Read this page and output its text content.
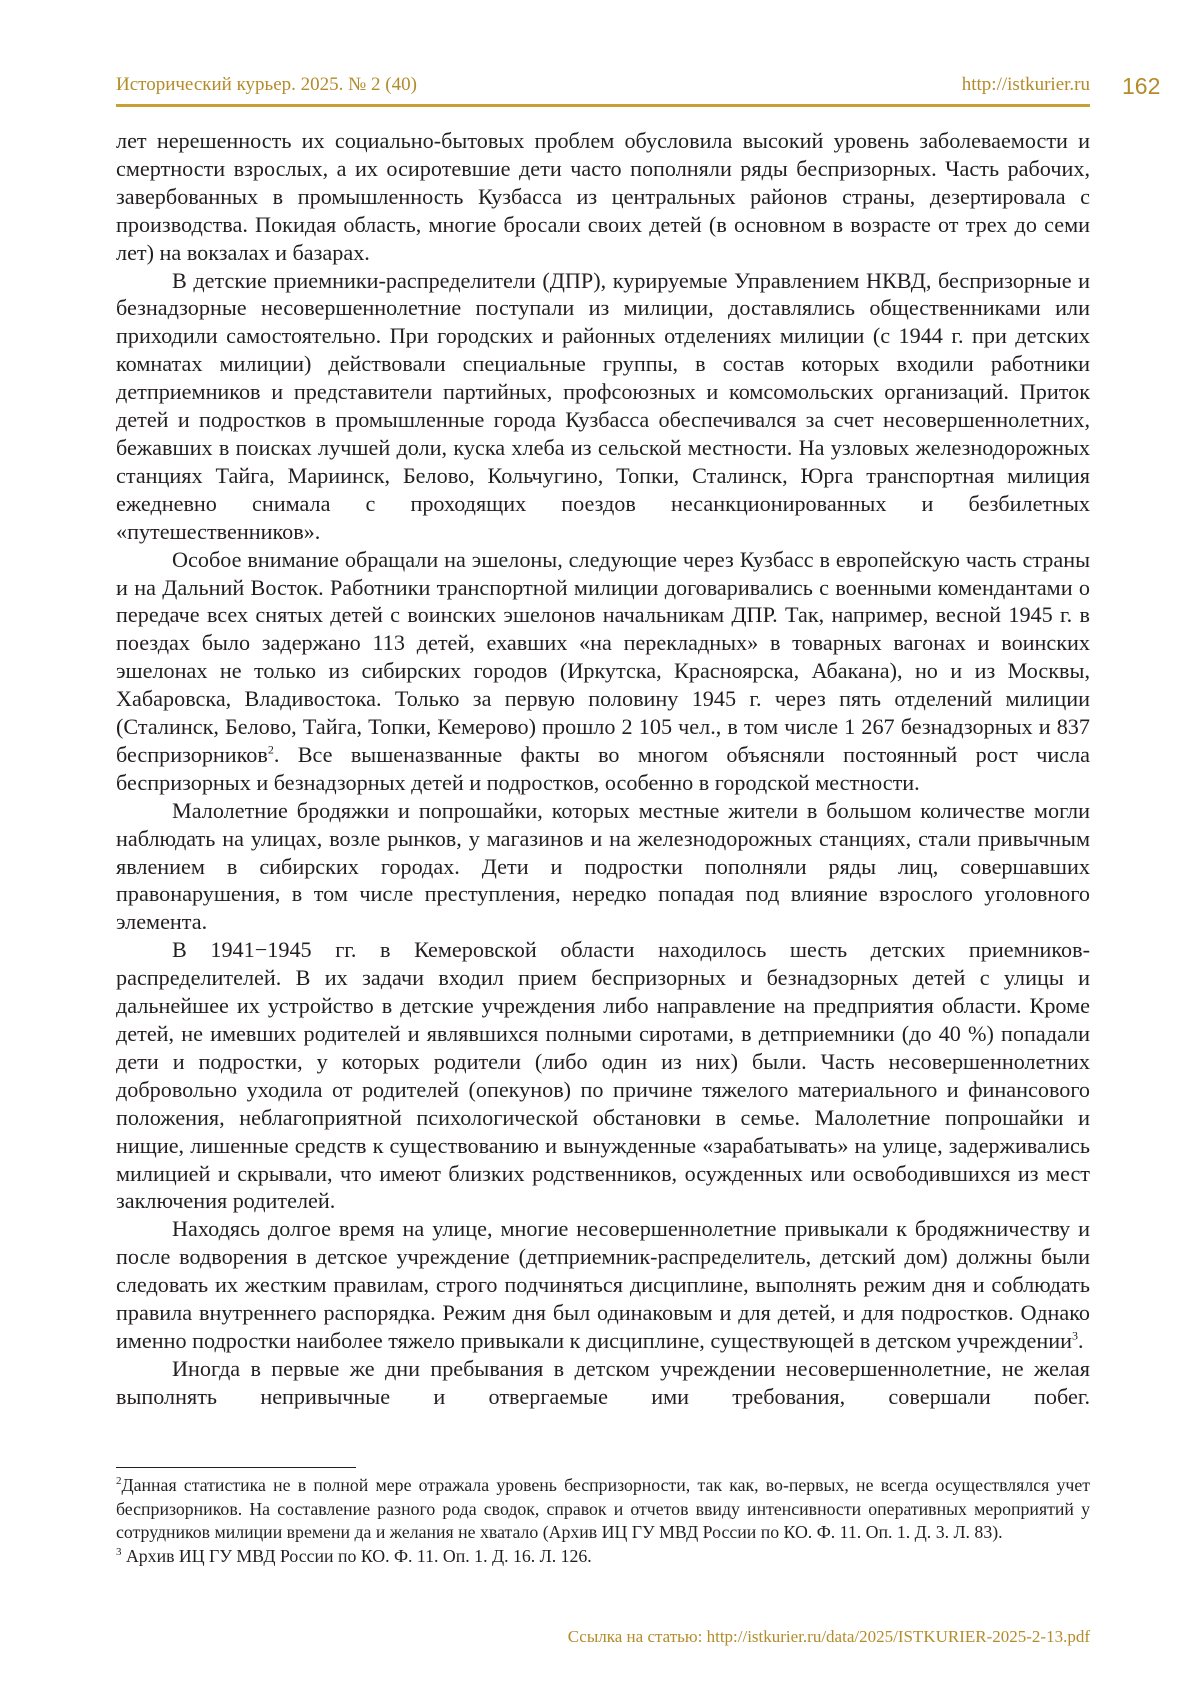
Исторический курьер. 2025. № 2 (40)	http://istkurier.ru 162

лет нерешенность их социально-бытовых проблем обусловила высокий уровень заболеваемости и смертности взрослых, а их осиротевшие дети часто пополняли ряды беспризорных. Часть рабочих, завербованных в промышленность Кузбасса из центральных районов страны, дезертировала с производства. Покидая область, многие бросали своих детей (в основном в возрасте от трех до семи лет) на вокзалах и базарах.

В детские приемники-распределители (ДПР), курируемые Управлением НКВД, беспризорные и безнадзорные несовершеннолетние поступали из милиции, доставлялись общественниками или приходили самостоятельно. При городских и районных отделениях милиции (с 1944 г. при детских комнатах милиции) действовали специальные группы, в состав которых входили работники детприемников и представители партийных, профсоюзных и комсомольских организаций. Приток детей и подростков в промышленные города Кузбасса обеспечивался за счет несовершеннолетних, бежавших в поисках лучшей доли, куска хлеба из сельской местности. На узловых железнодорожных станциях Тайга, Мариинск, Белово, Кольчугино, Топки, Сталинск, Юрга транспортная милиция ежедневно снимала с проходящих поездов несанкционированных и безбилетных «путешественников».

Особое внимание обращали на эшелоны, следующие через Кузбасс в европейскую часть страны и на Дальний Восток. Работники транспортной милиции договаривались с военными комендантами о передаче всех снятых детей с воинских эшелонов начальникам ДПР. Так, например, весной 1945 г. в поездах было задержано 113 детей, ехавших «на перекладных» в товарных вагонах и воинских эшелонах не только из сибирских городов (Иркутска, Красноярска, Абакана), но и из Москвы, Хабаровска, Владивостока. Только за первую половину 1945 г. через пять отделений милиции (Сталинск, Белово, Тайга, Топки, Кемерово) прошло 2 105 чел., в том числе 1 267 безнадзорных и 837 беспризорников$^2$. Все вышеназванные факты во многом объясняли постоянный рост числа беспризорных и безнадзорных детей и подростков, особенно в городской местности.

Малолетние бродяжки и попрошайки, которых местные жители в большом количестве могли наблюдать на улицах, возле рынков, у магазинов и на железнодорожных станциях, стали привычным явлением в сибирских городах. Дети и подростки пополняли ряды лиц, совершавших правонарушения, в том числе преступления, нередко попадая под влияние взрослого уголовного элемента.

В 1941−1945 гг. в Кемеровской области находилось шесть детских приемников-распределителей. В их задачи входил прием беспризорных и безнадзорных детей с улицы и дальнейшее их устройство в детские учреждения либо направление на предприятия области. Кроме детей, не имевших родителей и являвшихся полными сиротами, в детприемники (до 40 %) попадали дети и подростки, у которых родители (либо один из них) были. Часть несовершеннолетних добровольно уходила от родителей (опекунов) по причине тяжелого материального и финансового положения, неблагоприятной психологической обстановки в семье. Малолетние попрошайки и нищие, лишенные средств к существованию и вынужденные «зарабатывать» на улице, задерживались милицией и скрывали, что имеют близких родственников, осужденных или освободившихся из мест заключения родителей.

Находясь долгое время на улице, многие несовершеннолетние привыкали к бродяжничеству и после водворения в детское учреждение (детприемник-распределитель, детский дом) должны были следовать их жестким правилам, строго подчиняться дисциплине, выполнять режим дня и соблюдать правила внутреннего распорядка. Режим дня был одинаковым и для детей, и для подростков. Однако именно подростки наиболее тяжело привыкали к дисциплине, существующей в детском учреждении$^3$.

Иногда в первые же дни пребывания в детском учреждении несовершеннолетние, не желая выполнять непривычные и отвергаемые ими требования, совершали побег.

$^2$Данная статистика не в полной мере отражала уровень беспризорности, так как, во-первых, не всегда осуществлялся учет беспризорников. На составление разного рода сводок, справок и отчетов ввиду интенсивности оперативных мероприятий у сотрудников милиции времени да и желания не хватало (Архив ИЦ ГУ МВД России по КО. Ф. 11. Оп. 1. Д. 3. Л. 83).

$^3$ Архив ИЦ ГУ МВД России по КО. Ф. 11. Оп. 1. Д. 16. Л. 126.

Ссылка на статью: http://istkurier.ru/data/2025/ISTKURIER-2025-2-13.pdf
